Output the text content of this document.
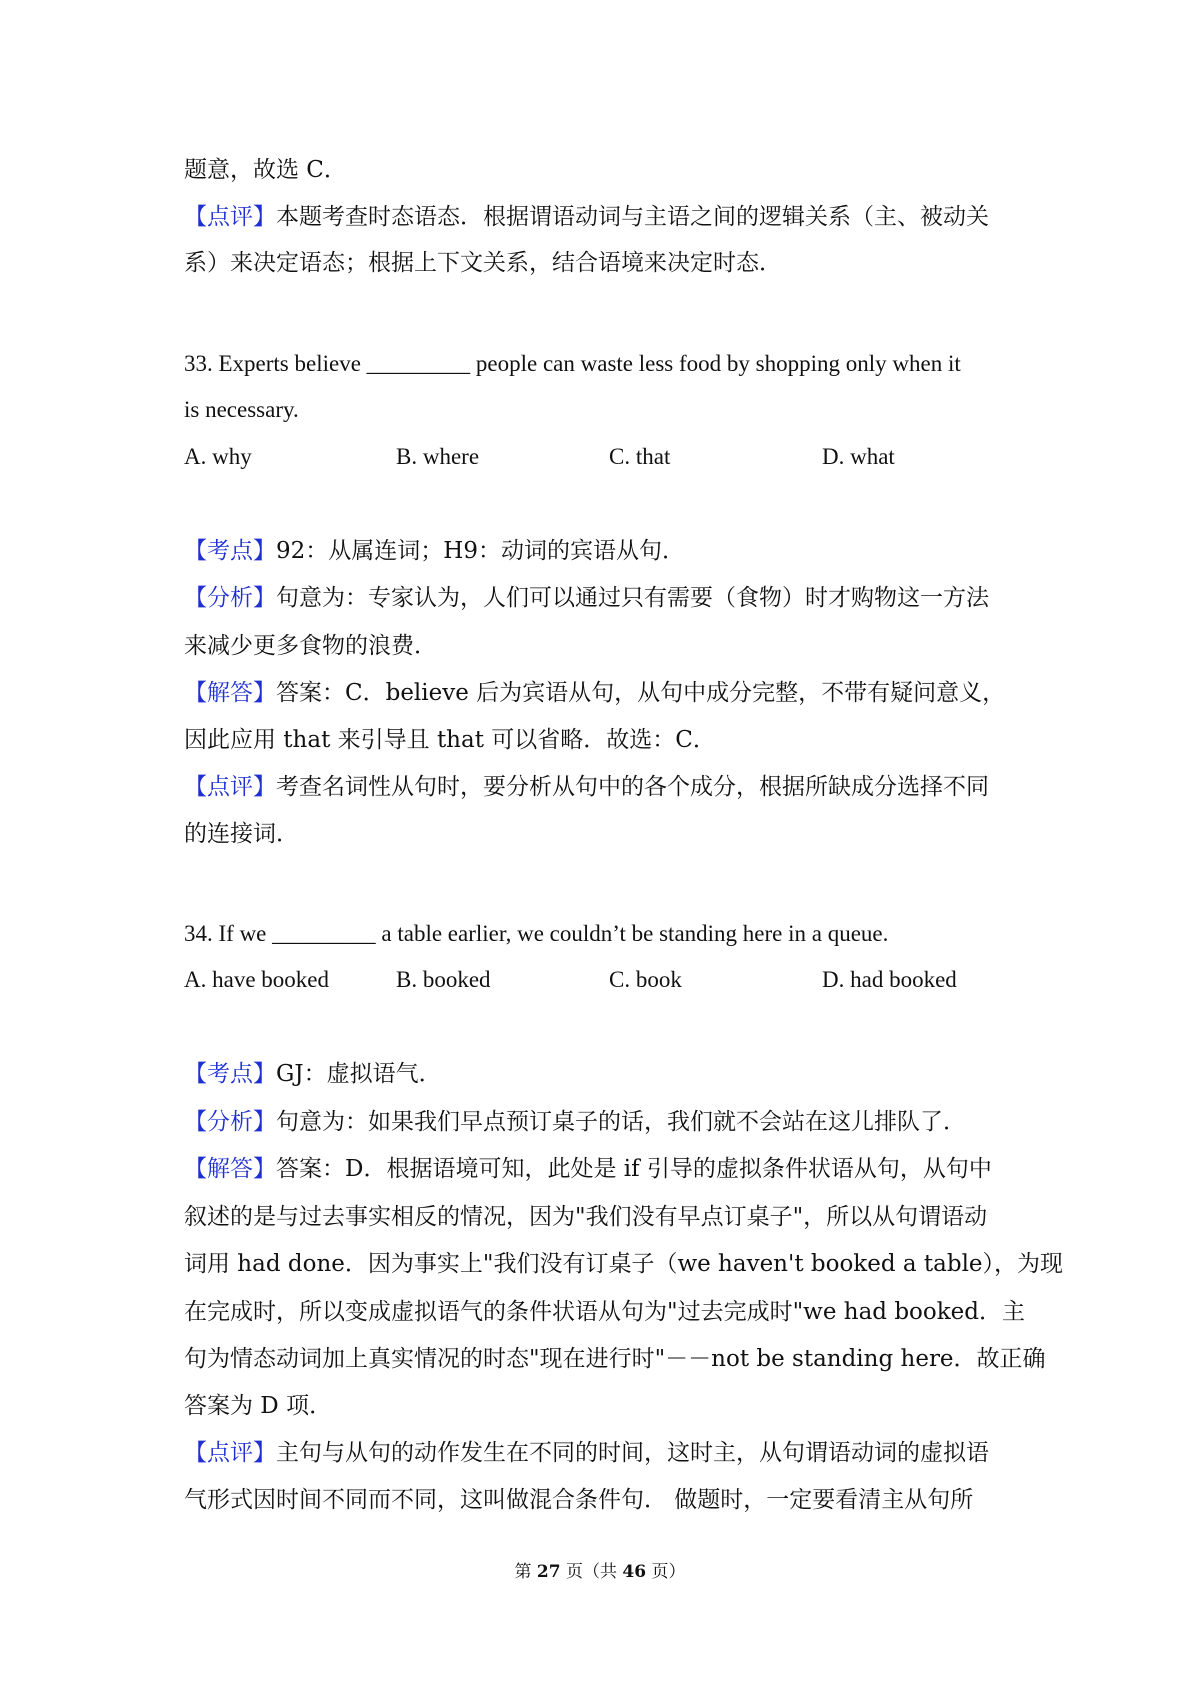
题意，故选 C．
【点评】本题考查时态语态．根据谓语动词与主语之间的逻辑关系（主、被动关
系）来决定语态；根据上下文关系，结合语境来决定时态．
33. Experts believe _________ people can waste less food by shopping only when it
is necessary.
A. why	B. where	C. that	D. what
【考点】92：从属连词；H9：动词的宾语从句．
【分析】句意为：专家认为，人们可以通过只有需要（食物）时才购物这一方法
来减少更多食物的浪费．
【解答】答案：C．believe 后为宾语从句，从句中成分完整，不带有疑问意义，
因此应用 that 来引导且 that 可以省略．故选：C．
【点评】考查名词性从句时，要分析从句中的各个成分，根据所缺成分选择不同
的连接词．
34. If we _________ a table earlier, we couldn’t be standing here in a queue.
A. have booked	B. booked	C. book	D. had booked
【考点】GJ：虚拟语气．
【分析】句意为：如果我们早点预订桌子的话，我们就不会站在这儿排队了．
【解答】答案：D．根据语境可知，此处是 if 引导的虚拟条件状语从句，从句中
叙述的是与过去事实相反的情况，因为"我们没有早点订桌子"，所以从句谓语动
词用 had done．因为事实上"我们没有订桌子（we haven't booked a table），为现
在完成时，所以变成虚拟语气的条件状语从句为"过去完成时"we had booked．主
句为情态动词加上真实情况的时态"现在进行时"－－not be standing here．故正确
答案为 D 项．
【点评】主句与从句的动作发生在不同的时间，这时主，从句谓语动词的虚拟语
气形式因时间不同而不同，这叫做混合条件句． 做题时，一定要看清主从句所
第 27 页（共 46 页）
